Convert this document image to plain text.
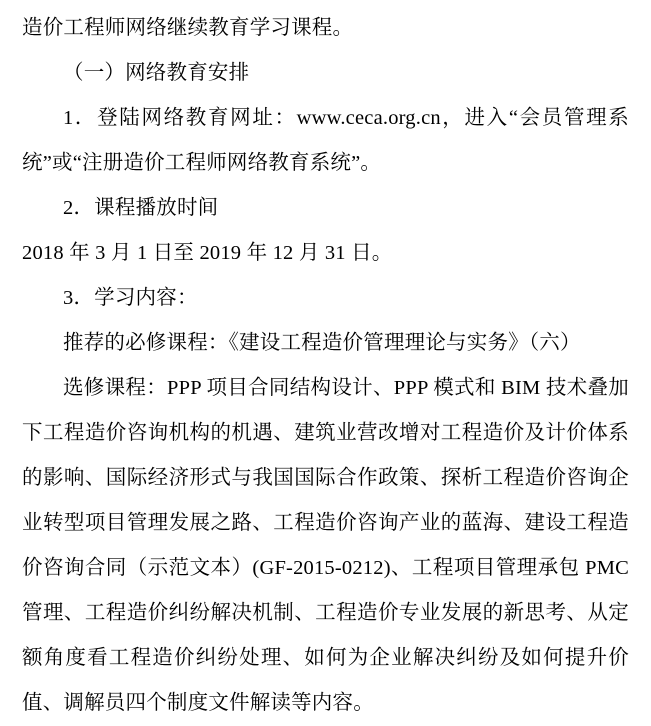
造价工程师网络继续教育学习课程。

（一）网络教育安排

1．登陆网络教育网址：www.ceca.org.cn，进入“会员管理系统”或“注册造价工程师网络教育系统”。

2．课程播放时间

2018 年 3 月 1 日至 2019 年 12 月 31 日。

3．学习内容：

推荐的必修课程：《建设工程造价管理理论与实务》（六）

选修课程：PPP 项目合同结构设计、PPP 模式和 BIM 技术叠加下工程造价咨询机构的机遇、建筑业营改增对工程造价及计价体系的影响、国际经济形式与我国国际合作政策、探析工程造价咨询企业转型项目管理发展之路、工程造价咨询产业的蓝海、建设工程造价咨询合同（示范文本）(GF-2015-0212)、工程项目管理承包 PMC 管理、工程造价纠纷解决机制、工程造价专业发展的新思考、从定额角度看工程造价纠纷处理、如何为企业解决纠纷及如何提升价值、调解员四个制度文件解读等内容。
